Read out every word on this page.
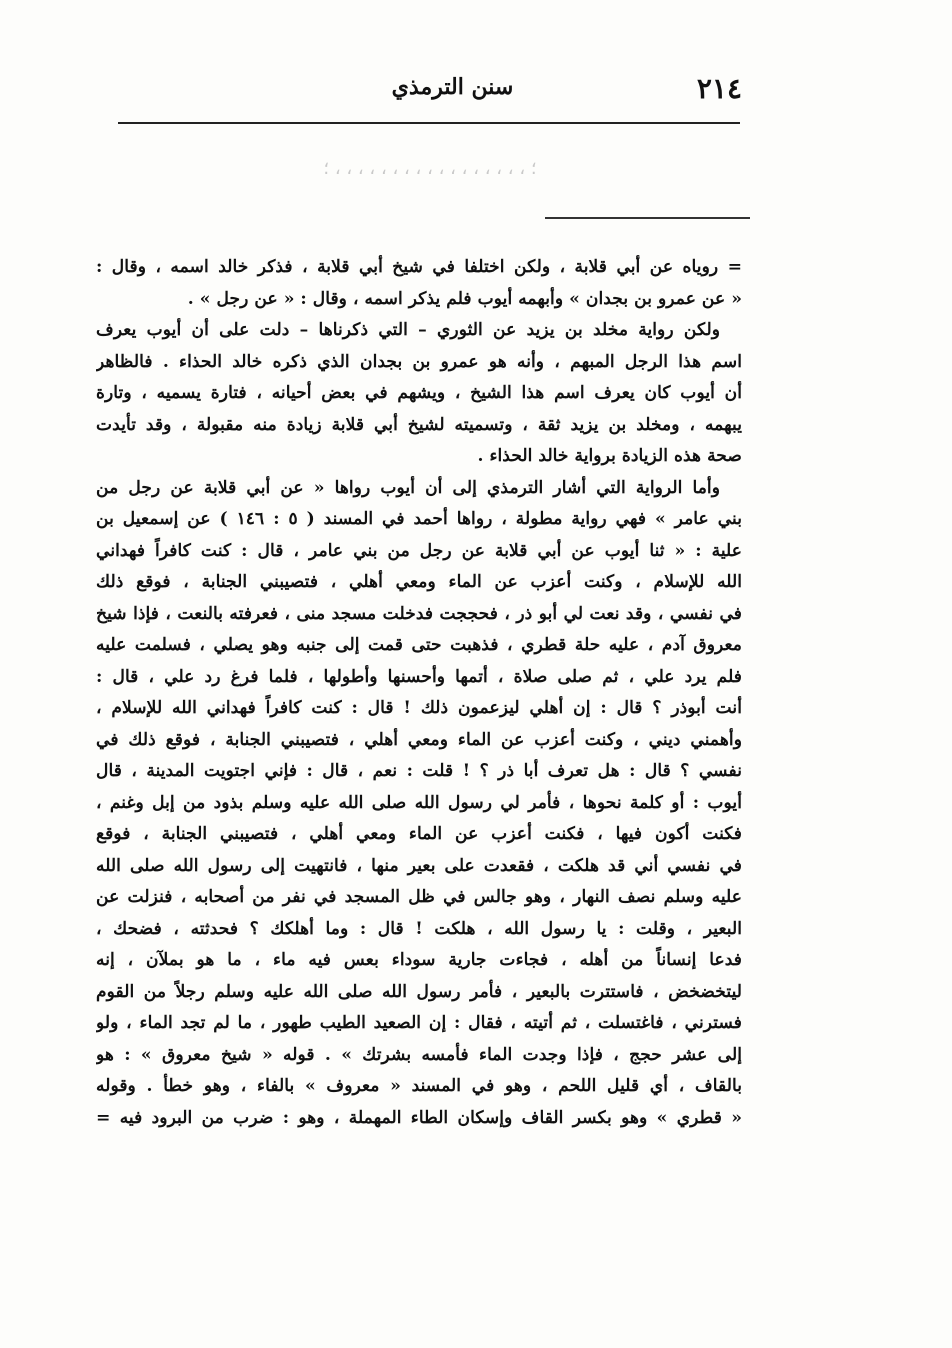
٢١٤
سنن الترمذي
؛ ، ، ، ، ، ، ، ، ، ، ، ، ، ، ، ، ، ؛
= روياه عن أبي قلابة ، ولكن اختلفا في شيخ أبي قلابة ، فذكر خالد اسمه ، وقال :
« عن عمرو بن بجدان » وأبهمه أيوب فلم يذكر اسمه ، وقال : « عن رجل » .
ولكن رواية مخلد بن يزيد عن الثوري – التي ذكرناها – دلت على أن أيوب يعرف
اسم هذا الرجل المبهم ، وأنه هو عمرو بن بجدان الذي ذكره خالد الحذاء . فالظاهر
أن أيوب كان يعرف اسم هذا الشيخ ، ويشهم في بعض أحيانه ، فتارة يسميه ، وتارة
يبهمه ، ومخلد بن يزيد ثقة ، وتسميته لشيخ أبي قلابة زيادة منه مقبولة ، وقد تأيدت
صحة هذه الزيادة برواية خالد الحذاء .
وأما الرواية التي أشار الترمذي إلى أن أيوب رواها « عن أبي قلابة عن رجل من
بني عامر » فهي رواية مطولة ، رواها أحمد في المسند ( ٥ : ١٤٦ ) عن إسمعيل بن
علية : « ثنا أيوب عن أبي قلابة عن رجل من بني عامر ، قال : كنت كافراً فهداني
الله للإسلام ، وكنت أعزب عن الماء ومعي أهلي ، فتصيبني الجنابة ، فوقع ذلك
في نفسي ، وقد نعت لي أبو ذر ، فحججت فدخلت مسجد منى ، فعرفته بالنعت ، فإذا شيخ
معروق آدم ، عليه حلة قطري ، فذهبت حتى قمت إلى جنبه وهو يصلي ، فسلمت عليه
فلم يرد علي ، ثم صلى صلاة ، أتمها وأحسنها وأطولها ، فلما فرغ رد علي ، قال :
أنت أبوذر ؟ قال : إن أهلي ليزعمون ذلك ! قال : كنت كافراً فهداني الله للإسلام ،
وأهمني ديني ، وكنت أعزب عن الماء ومعي أهلي ، فتصيبني الجنابة ، فوقع ذلك في
نفسي ؟ قال : هل تعرف أبا ذر ؟ ! قلت : نعم ، قال : فإني اجتويت المدينة ، قال
أيوب : أو كلمة نحوها ، فأمر لي رسول الله صلى الله عليه وسلم بذود من إبل وغنم ،
فكنت أكون فيها ، فكنت أعزب عن الماء ومعي أهلي ، فتصيبني الجنابة ، فوقع
في نفسي أني قد هلكت ، فقعدت على بعير منها ، فانتهيت إلى رسول الله صلى الله
عليه وسلم نصف النهار ، وهو جالس في ظل المسجد في نفر من أصحابه ، فنزلت عن
البعير ، وقلت : يا رسول الله ، هلكت ! قال : وما أهلكك ؟ فحدثته ، فضحك ،
فدعا إنساناً من أهله ، فجاءت جارية سوداء بعس فيه ماء ، ما هو بملآن ، إنه
ليتخضخض ، فاستترت بالبعير ، فأمر رسول الله صلى الله عليه وسلم رجلاً من القوم
فسترني ، فاغتسلت ، ثم أتيته ، فقال : إن الصعيد الطيب طهور ، ما لم تجد الماء ، ولو
إلى عشر حجج ، فإذا وجدت الماء فأمسه بشرتك » . قوله « شيخ معروق » : هو
بالقاف ، أي قليل اللحم ، وهو في المسند « معروف » بالفاء ، وهو خطأ . وقوله
« قطري » وهو بكسر القاف وإسكان الطاء المهملة ، وهو : ضرب من البرود فيه =
